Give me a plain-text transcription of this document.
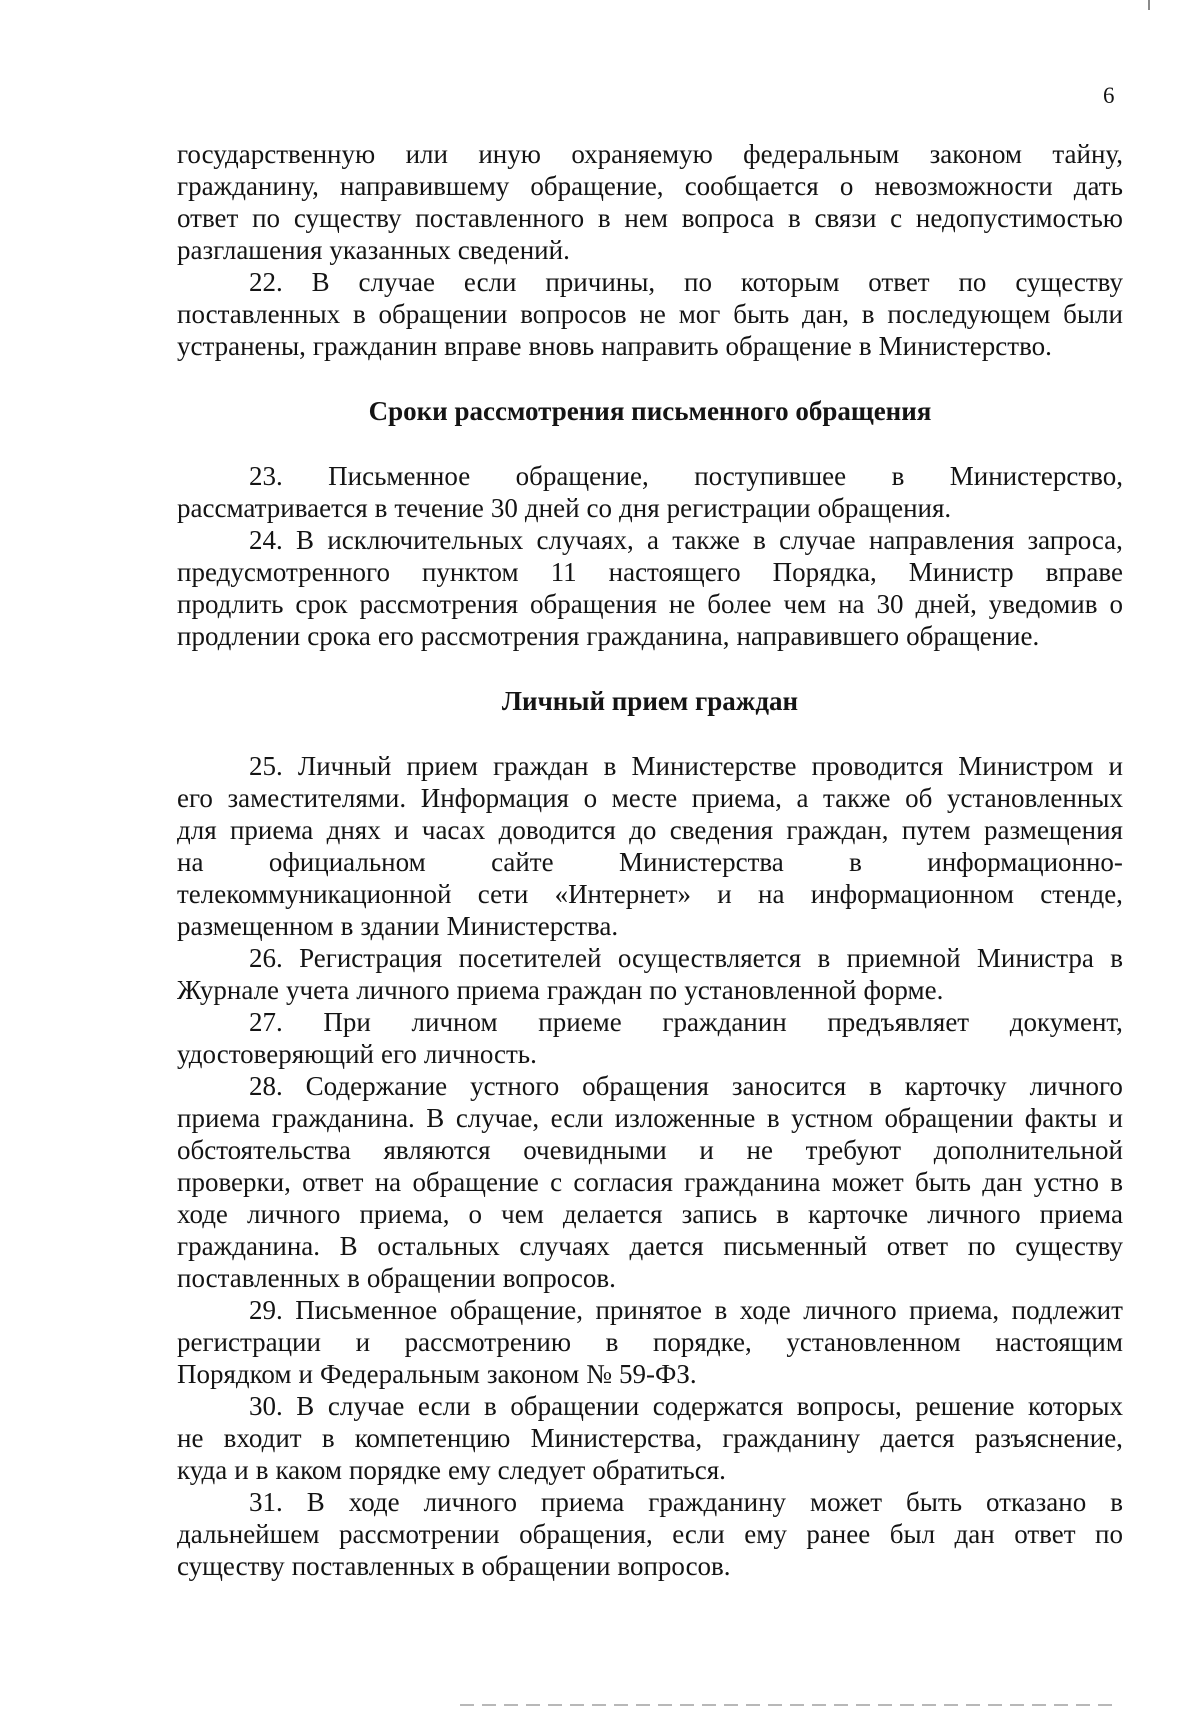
6
государственную или иную охраняемую федеральным законом тайну,
гражданину, направившему обращение, сообщается о невозможности дать
ответ по существу поставленного в нем вопроса в связи с недопустимостью
разглашения указанных сведений.
22. В случае если причины, по которым ответ по существу
поставленных в обращении вопросов не мог быть дан, в последующем были
устранены, гражданин вправе вновь направить обращение в Министерство.
Сроки рассмотрения письменного обращения
23. Письменное обращение, поступившее в Министерство,
рассматривается в течение 30 дней со дня регистрации обращения.
24. В исключительных случаях, а также в случае направления запроса,
предусмотренного пунктом 11 настоящего Порядка, Министр вправе
продлить срок рассмотрения обращения не более чем на 30 дней, уведомив о
продлении срока его рассмотрения гражданина, направившего обращение.
Личный прием граждан
25. Личный прием граждан в Министерстве проводится Министром и
его заместителями. Информация о месте приема, а также об установленных
для приема днях и часах доводится до сведения граждан, путем размещения
на официальном сайте Министерства в информационно-
телекоммуникационной сети «Интернет» и на информационном стенде,
размещенном в здании Министерства.
26. Регистрация посетителей осуществляется в приемной Министра в
Журнале учета личного приема граждан по установленной форме.
27. При личном приеме гражданин предъявляет документ,
удостоверяющий его личность.
28. Содержание устного обращения заносится в карточку личного
приема гражданина. В случае, если изложенные в устном обращении факты и
обстоятельства являются очевидными и не требуют дополнительной
проверки, ответ на обращение с согласия гражданина может быть дан устно в
ходе личного приема, о чем делается запись в карточке личного приема
гражданина. В остальных случаях дается письменный ответ по существу
поставленных в обращении вопросов.
29. Письменное обращение, принятое в ходе личного приема, подлежит
регистрации и рассмотрению в порядке, установленном настоящим
Порядком и Федеральным законом № 59-ФЗ.
30. В случае если в обращении содержатся вопросы, решение которых
не входит в компетенцию Министерства, гражданину дается разъяснение,
куда и в каком порядке ему следует обратиться.
31. В ходе личного приема гражданину может быть отказано в
дальнейшем рассмотрении обращения, если ему ранее был дан ответ по
существу поставленных в обращении вопросов.
